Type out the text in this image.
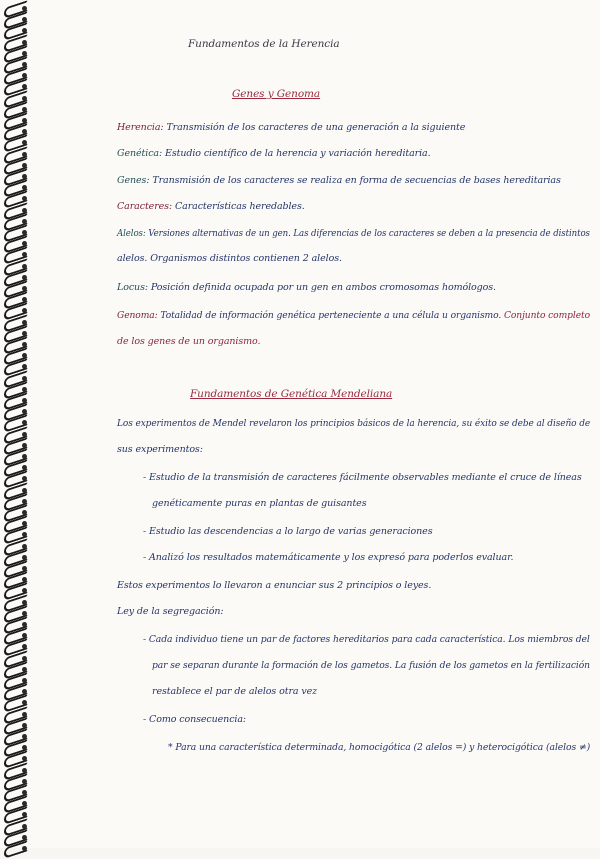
Fundamentos de la Herencia
Genes y Genoma
Herencia: Transmisión de los caracteres de una generación a la siguiente
Genética: Estudio científico de la herencia y variación hereditaria.
Genes: Transmisión de los caracteres se realiza en forma de secuencias de bases hereditarias
Caracteres: Características heredables.
Alelos: Versiones alternativas de un gen. Las diferencias de los caracteres se deben a la presencia de distintos
alelos. Organismos distintos contienen 2 alelos.
Locus: Posición definida ocupada por un gen en ambos cromosomas homólogos.
Genoma: Totalidad de información genética perteneciente a una célula u organismo. Conjunto completo
de los genes de un organismo.
Fundamentos de Genética Mendeliana
Los experimentos de Mendel revelaron los principios básicos de la herencia, su éxito se debe al diseño de
sus experimentos:
- Estudio de la transmisión de caracteres fácilmente observables mediante el cruce de líneas
genéticamente puras en plantas de guisantes
- Estudio las descendencias a lo largo de varias generaciones
- Analizó los resultados matemáticamente y los expresó para poderlos evaluar.
Estos experimentos lo llevaron a enunciar sus 2 principios o leyes.
Ley de la segregación:
- Cada individuo tiene un par de factores hereditarios para cada característica. Los miembros del
par se separan durante la formación de los gametos. La fusión de los gametos en la fertilización
restablece el par de alelos otra vez
- Como consecuencia:
* Para una característica determinada, homocigótica (2 alelos =) y heterocigótica (alelos ≠)
